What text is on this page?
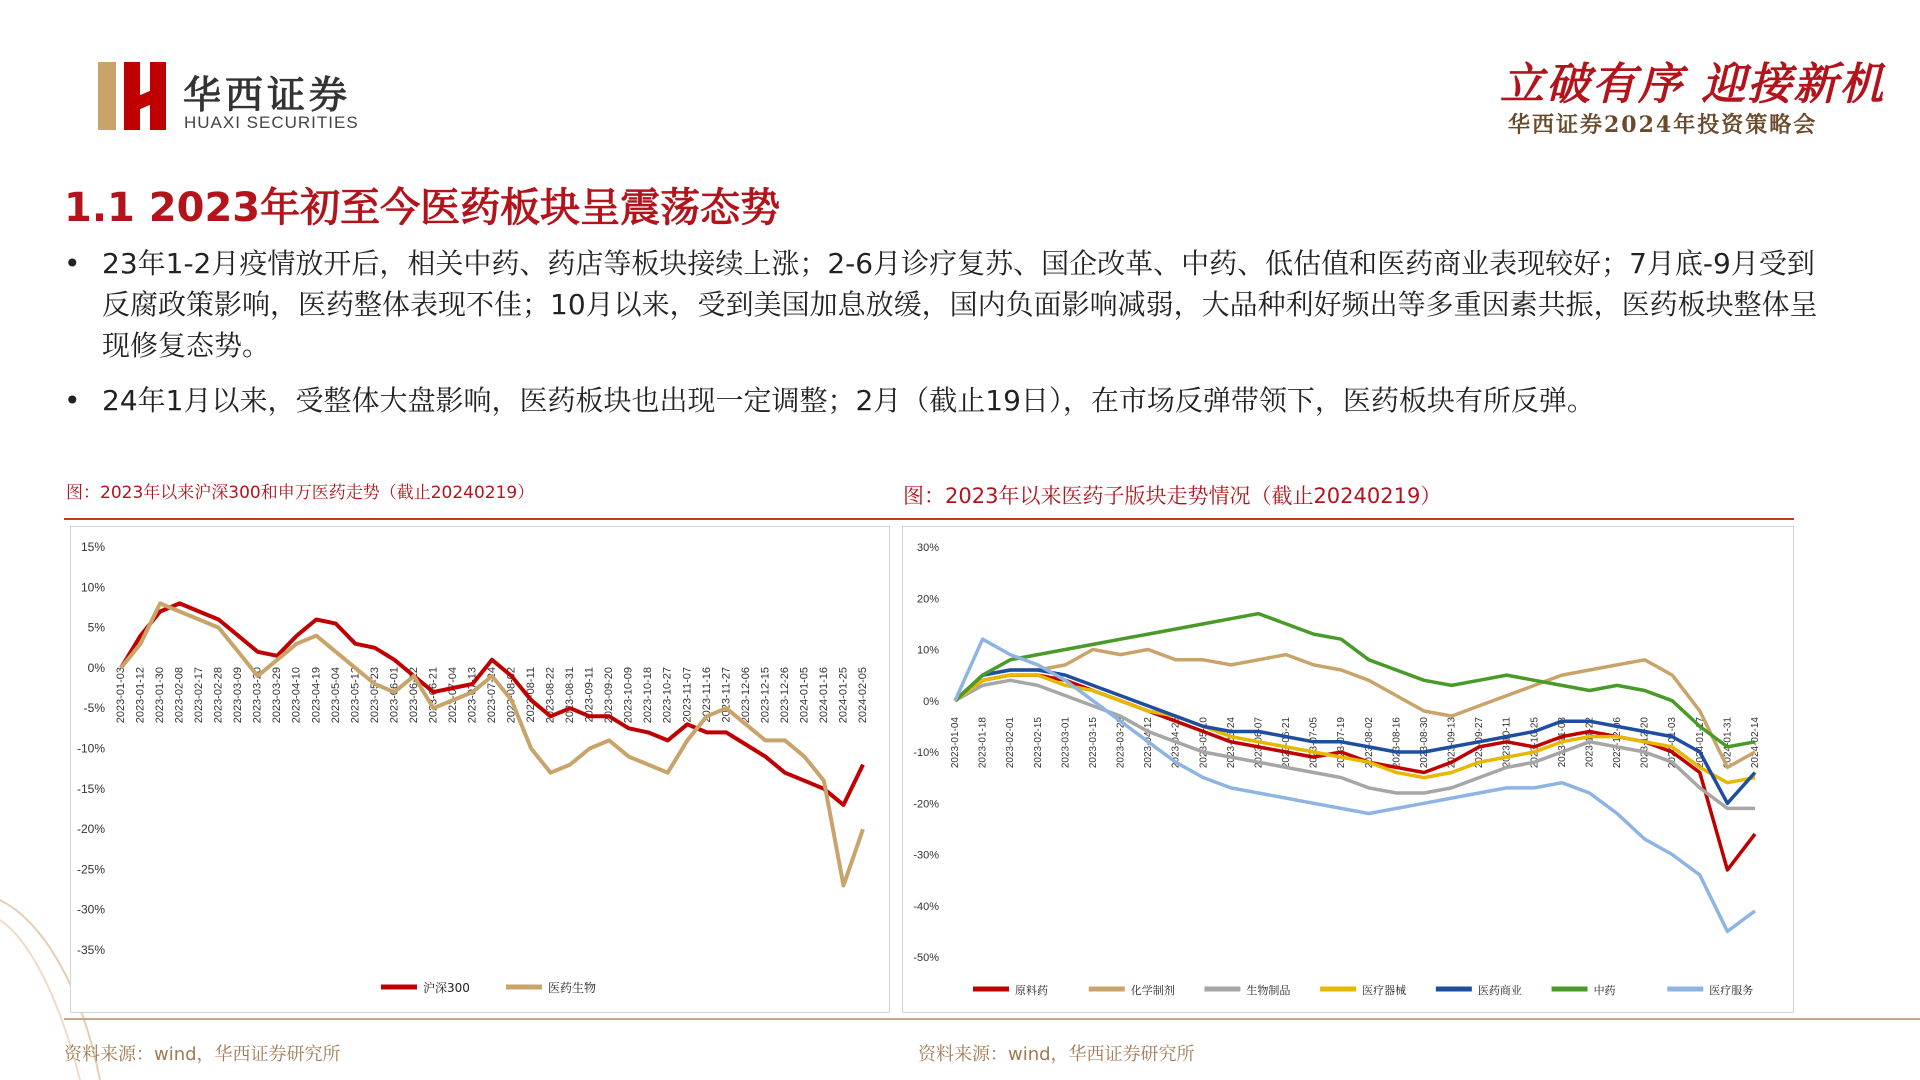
华西证券
HUAXI SECURITIES
立破有序 迎接新机
华西证券2024年投资策略会
1.1 2023年初至今医药板块呈震荡态势
• 23年1-2月疫情放开后，相关中药、药店等板块接续上涨；2-6月诊疗复苏、国企改革、中药、低估值和医药商业表现较好；7月底-9月受到反腐政策影响，医药整体表现不佳；10月以来，受到美国加息放缓，国内负面影响减弱，大品种利好频出等多重因素共振，医药板块整体呈现修复态势。
• 24年1月以来，受整体大盘影响，医药板块也出现一定调整；2月（截止19日），在市场反弹带领下，医药板块有所反弹。
图：2023年以来沪深300和申万医药走势（截止20240219）	图：2023年以来医药子版块走势情况（截止20240219）
15%
10%
5%
0%
-5%
-10%
-15%
-20%
-25%
-30%
-35%
2023-01-03 2023-01-12 2023-01-30 2023-02-08 2023-02-17 2023-02-28 2023-03-09 2023-03-20 2023-03-29 2023-04-10 2023-04-19 2023-05-04 2023-05-12 2023-05-23 2023-06-01 2023-06-12 2023-06-21 2023-07-04 2023-07-13 2023-07-24 2023-08-02 2023-08-11 2023-08-22 2023-08-31 2023-09-11 2023-09-20 2023-10-09 2023-10-18 2023-10-27 2023-11-07 2023-11-16 2023-11-27 2023-12-06 2023-12-15 2023-12-26 2024-01-05 2024-01-16 2024-01-25 2024-02-05
沪深300	医药生物
30%
20%
10%
0%
-10%
-20%
-30%
-40%
-50%
2023-01-04 2023-01-18 2023-02-01 2023-02-15 2023-03-01 2023-03-15 2023-03-29 2023-04-12 2023-04-26 2023-05-10 2023-05-24 2023-06-07 2023-06-21 2023-07-05 2023-07-19 2023-08-02 2023-08-16 2023-08-30 2023-09-13 2023-09-27 2023-10-11 2023-10-25 2023-11-08 2023-11-22 2023-12-06 2023-12-20 2024-01-03 2024-01-17 2024-01-31 2024-02-14
原料药	化学制剂	生物制品	医疗器械	医药商业	中药	医疗服务
资料来源：wind，华西证券研究所	资料来源：wind，华西证券研究所
